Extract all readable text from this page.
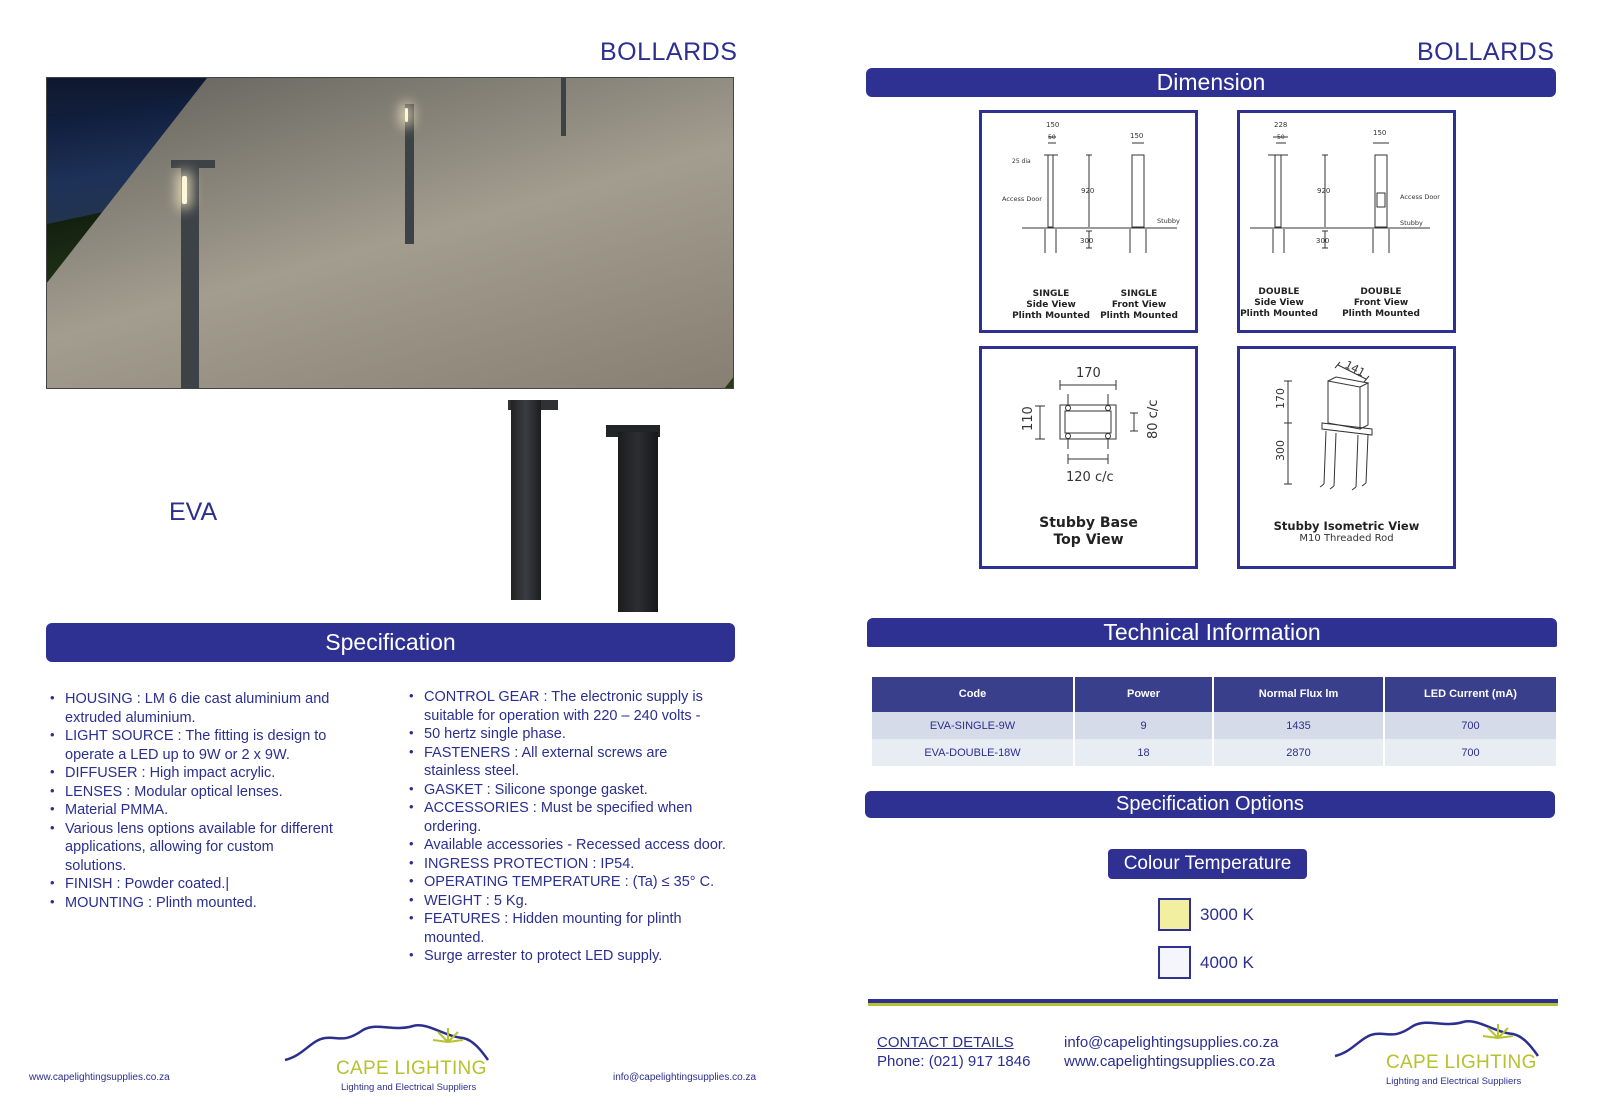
BOLLARDS
EVA
Specification
• HOUSING : LM 6 die cast aluminium and extruded aluminium.
• LIGHT SOURCE : The fitting is design to operate a LED up to 9W or 2 x 9W.
• DIFFUSER : High impact acrylic.
• LENSES : Modular optical lenses.
• Material PMMA.
• Various lens options available for different applications, allowing for custom solutions.
• FINISH : Powder coated.|
• MOUNTING : Plinth mounted.
• CONTROL GEAR : The electronic supply is suitable for operation with 220 – 240 volts -
• 50 hertz single phase.
• FASTENERS : All external screws are stainless steel.
• GASKET : Silicone sponge gasket.
• ACCESSORIES : Must be specified when ordering.
• Available accessories - Recessed access door.
• INGRESS PROTECTION : IP54.
• OPERATING TEMPERATURE : (Ta) ≤ 35° C.
• WEIGHT : 5 Kg.
• FEATURES : Hidden mounting for plinth mounted.
• Surge arrester to protect LED supply.
www.capelightingsupplies.co.za	info@capelightingsupplies.co.za
CAPE LIGHTING
Lighting and Electrical Suppliers
BOLLARDS
Dimension
150
50
25 dia
920
300
150
Access Door
Stubby
SINGLE
Side View
Plinth Mounted
SINGLE
Front View
Plinth Mounted
228
50
920
300
150
Access Door
Stubby
DOUBLE
Side View
Plinth Mounted
DOUBLE
Front View
Plinth Mounted
170
110	80 c/c
120 c/c
Stubby Base
Top View
141
170
300
Stubby Isometric View
M10 Threaded Rod
Technical Information
Code	Power	Normal Flux lm	LED Current (mA)
EVA-SINGLE-9W	9	1435	700
EVA-DOUBLE-18W	18	2870	700
Specification Options
Colour Temperature
3000 K
4000 K
CONTACT DETAILS
Phone: (021) 917 1846
info@capelightingsupplies.co.za
www.capelightingsupplies.co.za	CAPE LIGHTING
Lighting and Electrical Suppliers
